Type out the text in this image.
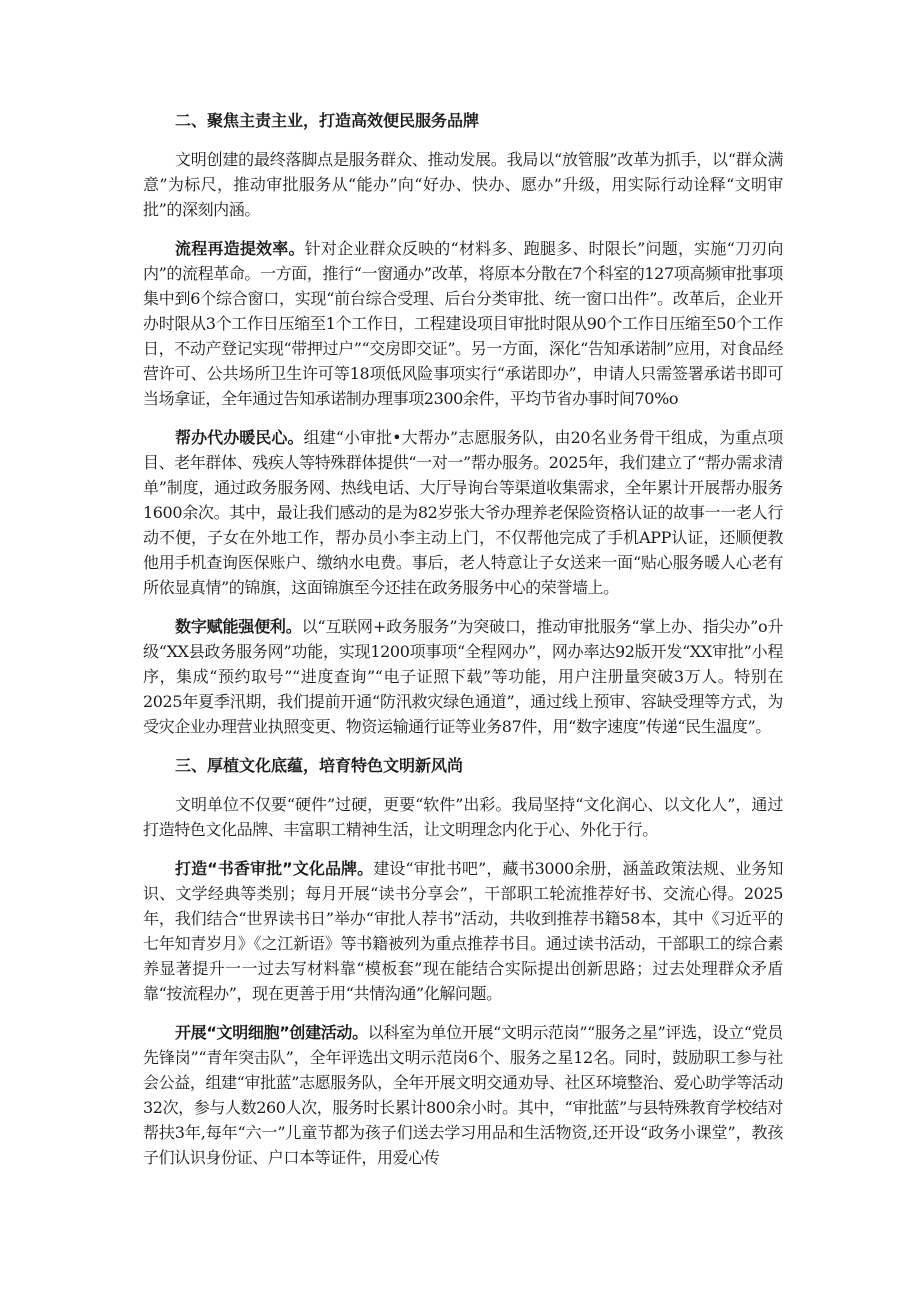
二、聚焦主责主业，打造高效便民服务品牌
文明创建的最终落脚点是服务群众、推动发展。我局以“放管服”改革为抓手，以“群众满意”为标尺，推动审批服务从“能办”向“好办、快办、愿办”升级，用实际行动诠释“文明审批”的深刻内涵。
流程再造提效率。针对企业群众反映的“材料多、跑腿多、时限长”问题，实施“刀刃向内”的流程革命。一方面，推行“一窗通办”改革，将原本分散在7个科室的127项高频审批事项集中到6个综合窗口，实现“前台综合受理、后台分类审批、统一窗口出件”。改革后，企业开办时限从3个工作日压缩至1个工作日，工程建设项目审批时限从90个工作日压缩至50个工作日，不动产登记实现“带押过户”“交房即交证”。另一方面，深化“告知承诺制”应用，对食品经营许可、公共场所卫生许可等18项低风险事项实行“承诺即办”，申请人只需签署承诺书即可当场拿证，全年通过告知承诺制办理事项2300余件，平均节省办事时间70%o
帮办代办暖民心。组建“小审批•大帮办”志愿服务队，由20名业务骨干组成，为重点项目、老年群体、残疾人等特殊群体提供“一对一”帮办服务。2025年，我们建立了“帮办需求清单”制度，通过政务服务网、热线电话、大厅导询台等渠道收集需求，全年累计开展帮办服务1600余次。其中，最让我们感动的是为82岁张大爷办理养老保险资格认证的故事一一老人行动不便，子女在外地工作，帮办员小李主动上门，不仅帮他完成了手机APP认证，还顺便教他用手机查询医保账户、缴纳水电费。事后，老人特意让子女送来一面“贴心服务暖人心老有所依显真情”的锦旗，这面锦旗至今还挂在政务服务中心的荣誉墙上。
数字赋能强便利。以“互联网+政务服务”为突破口，推动审批服务“掌上办、指尖办”o升级“XX县政务服务网”功能，实现1200项事项“全程网办”，网办率达92版开发“XX审批”小程序，集成“预约取号”“进度查询”“电子证照下载”等功能，用户注册量突破3万人。特别在2025年夏季汛期，我们提前开通“防汛救灾绿色通道”，通过线上预审、容缺受理等方式，为受灾企业办理营业执照变更、物资运输通行证等业务87件，用“数字速度”传递“民生温度”。
三、厚植文化底蕴，培育特色文明新风尚
文明单位不仅要“硬件”过硬，更要“软件”出彩。我局坚持“文化润心、以文化人”，通过打造特色文化品牌、丰富职工精神生活，让文明理念内化于心、外化于行。
打造“书香审批”文化品牌。建设“审批书吧”，藏书3000余册，涵盖政策法规、业务知识、文学经典等类别；每月开展“读书分享会”，干部职工轮流推荐好书、交流心得。2025年，我们结合“世界读书日”举办“审批人荐书”活动，共收到推荐书籍58本，其中《习近平的七年知青岁月》《之江新语》等书籍被列为重点推荐书目。通过读书活动，干部职工的综合素养显著提升一一过去写材料靠“模板套”现在能结合实际提出创新思路；过去处理群众矛盾靠“按流程办”，现在更善于用“共情沟通”化解问题。
开展“文明细胞”创建活动。以科室为单位开展“文明示范岗”“服务之星”评选，设立“党员先锋岗”“青年突击队”，全年评选出文明示范岗6个、服务之星12名。同时，鼓励职工参与社会公益，组建“审批蓝”志愿服务队，全年开展文明交通劝导、社区环境整治、爱心助学等活动32次，参与人数260人次，服务时长累计800余小时。其中，“审批蓝”与县特殊教育学校结对帮扶3年,每年“六一”儿童节都为孩子们送去学习用品和生活物资,还开设“政务小课堂”，教孩子们认识身份证、户口本等证件，用爱心传
